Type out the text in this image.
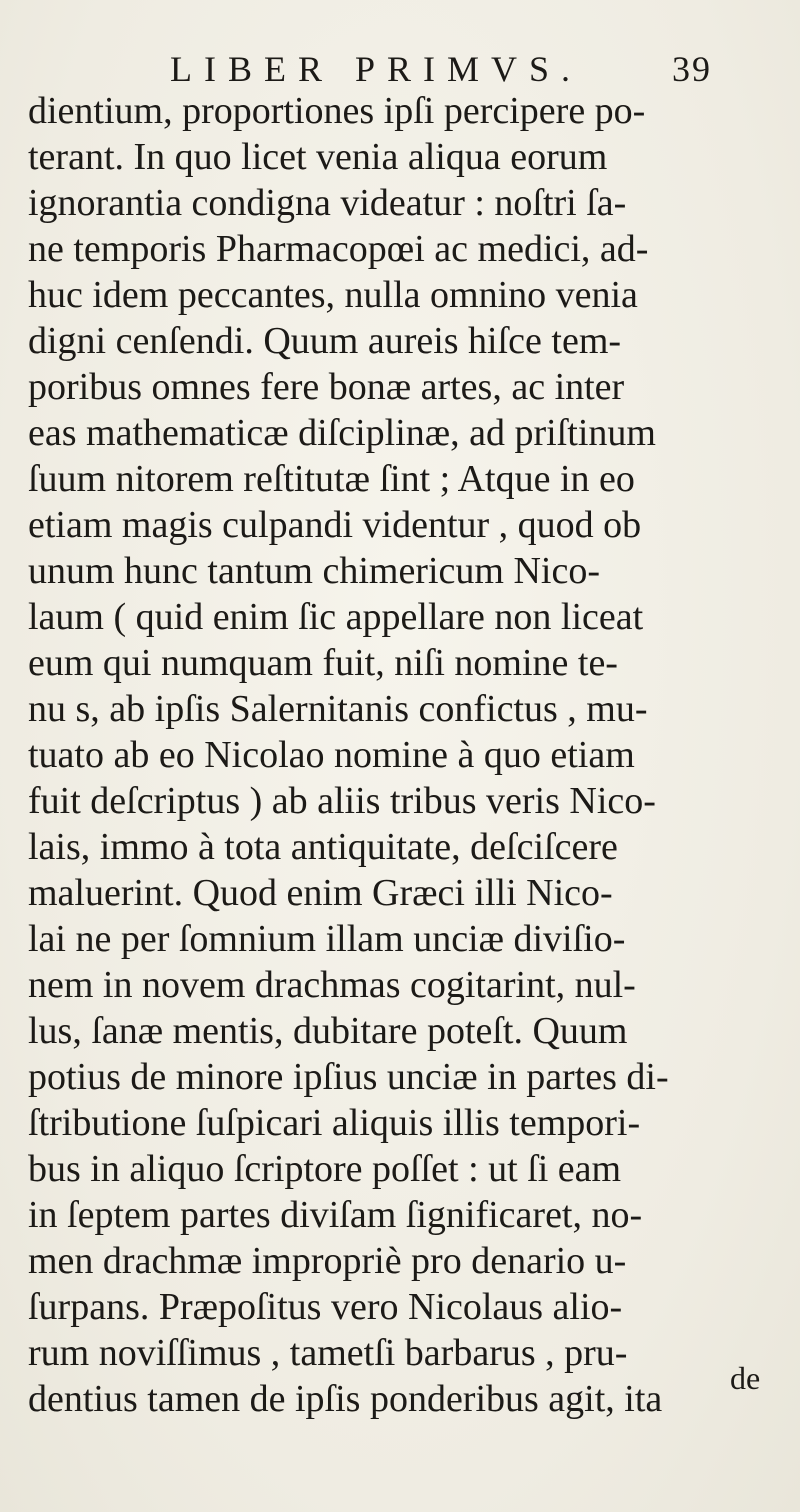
LIBER PRIMVS. 39
dientium, proportiones ipſi percipere po-
terant. In quo licet venia aliqua eorum
ignorantia condigna videatur : noſtri ſa-
ne temporis Pharmacopœi ac medici, ad-
huc idem peccantes, nulla omnino venia
digni cenſendi. Quum aureis hiſce tem-
poribus omnes fere bonæ artes, ac inter
eas mathematicæ diſciplinæ, ad priſtinum
ſuum nitorem reſtitutæ ſint ; Atque in eo
etiam magis culpandi videntur , quod ob
unum hunc tantum chimericum Nico-
laum ( quid enim ſic appellare non liceat
eum qui numquam fuit, niſi nomine te-
nu s, ab ipſis Salernitanis confictus , mu-
tuato ab eo Nicolao nomine à quo etiam
fuit deſcriptus ) ab aliis tribus veris Nico-
lais, immo à tota antiquitate, deſciſcere
maluerint. Quod enim Græci illi Nico-
lai ne per ſomnium illam unciæ diviſio-
nem in novem drachmas cogitarint, nul-
lus, ſanæ mentis, dubitare poteſt. Quum
potius de minore ipſius unciæ in partes di-
ſtributione ſuſpicari aliquis illis tempori-
bus in aliquo ſcriptore poſſet : ut ſi eam
in ſeptem partes diviſam ſignificaret, no-
men drachmæ impropriè pro denario u-
ſurpans. Præpoſitus vero Nicolaus alio-
rum noviſſimus , tametſi barbarus , pru-
dentius tamen de ipſis ponderibus agit, ita	de
